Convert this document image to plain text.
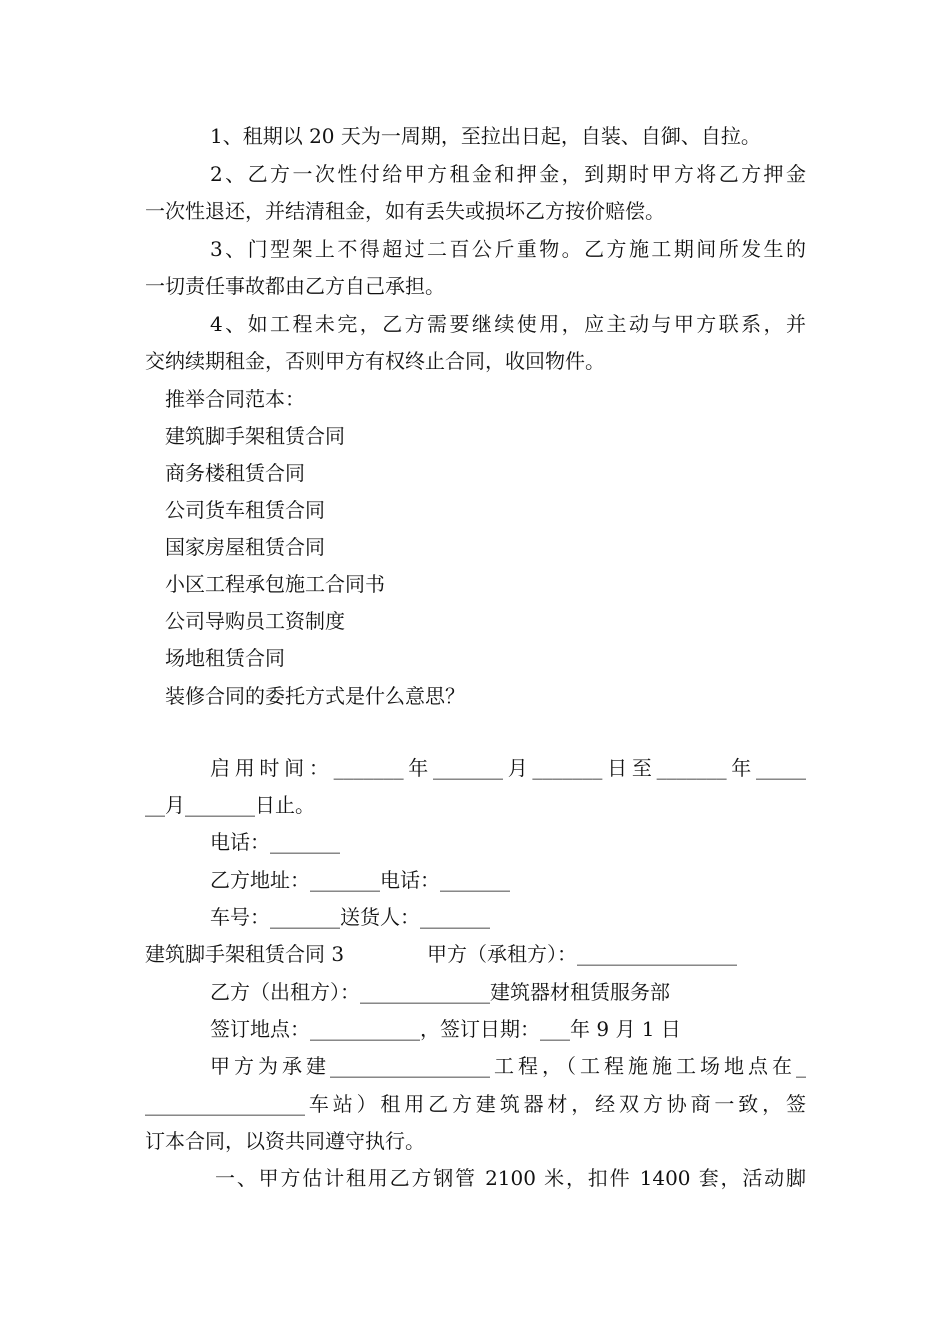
1、租期以 20 天为一周期，至拉出日起，自装、自御、自拉。
2、乙方一次性付给甲方租金和押金，到期时甲方将乙方押金
一次性退还，并结清租金，如有丢失或损坏乙方按价赔偿。
3、门型架上不得超过二百公斤重物。乙方施工期间所发生的
一切责任事故都由乙方自己承担。
4、如工程未完，乙方需要继续使用，应主动与甲方联系，并
交纳续期租金，否则甲方有权终止合同，收回物件。
推举合同范本：
建筑脚手架租赁合同
商务楼租赁合同
公司货车租赁合同
国家房屋租赁合同
小区工程承包施工合同书
公司导购员工资制度
场地租赁合同
装修合同的委托方式是什么意思？
启用时间：_______年_______月_______日至_______年_____
__月_______日止。
电话：_______
乙方地址：_______电话：_______
车号：_______送货人：_______
建筑脚手架租赁合同 3	甲方（承租方）：________________
乙方（出租方）：_____________建筑器材租赁服务部
签订地点：___________，签订日期：___年 9 月 1 日
甲方为承建________________工程，（工程施施工场地点在_
________________车站）租用乙方建筑器材，经双方协商一致，签
订本合同，以资共同遵守执行。
一、甲方估计租用乙方钢管 2100 米，扣件 1400 套，活动脚
